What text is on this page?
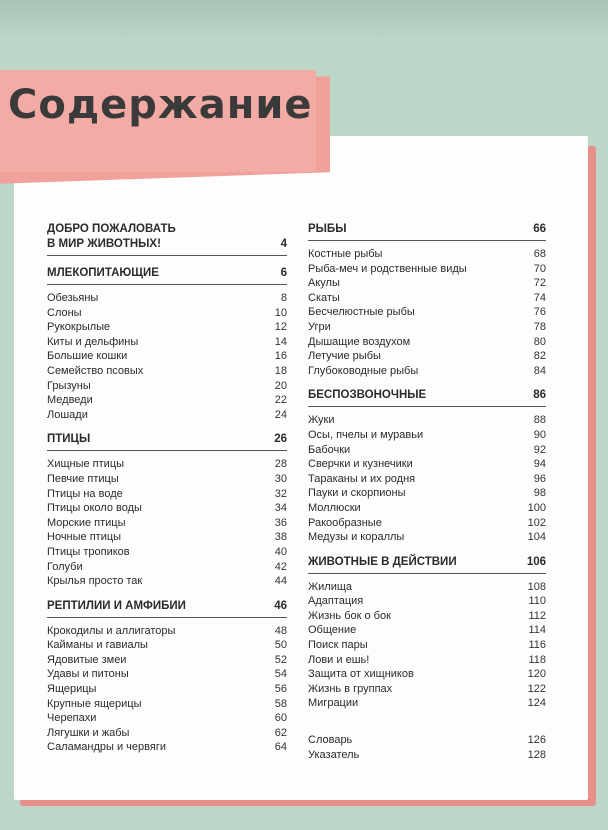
Содержание
ДОБРО ПОЖАЛОВАТЬ
В МИР ЖИВОТНЫХ!	4
МЛЕКОПИТАЮЩИЕ	6
Обезьяны	8
Слоны	10
Рукокрылые	12
Киты и дельфины	14
Большие кошки	16
Семейство псовых	18
Грызуны	20
Медведи	22
Лошади	24
ПТИЦЫ	26
Хищные птицы	28
Певчие птицы	30
Птицы на воде	32
Птицы около воды	34
Морские птицы	36
Ночные птицы	38
Птицы тропиков	40
Голуби	42
Крылья просто так	44
РЕПТИЛИИ И АМФИБИИ	46
Крокодилы и аллигаторы	48
Кайманы и гавиалы	50
Ядовитые змеи	52
Удавы и питоны	54
Ящерицы	56
Крупные ящерицы	58
Черепахи	60
Лягушки и жабы	62
Саламандры и червяги	64
РЫБЫ	66
Костные рыбы	68
Рыба-меч и родственные виды	70
Акулы	72
Скаты	74
Бесчелюстные рыбы	76
Угри	78
Дышащие воздухом	80
Летучие рыбы	82
Глубоководные рыбы	84
БЕСПОЗВОНОЧНЫЕ	86
Жуки	88
Осы, пчелы и муравьи	90
Бабочки	92
Сверчки и кузнечики	94
Тараканы и их родня	96
Пауки и скорпионы	98
Моллюски	100
Ракообразные	102
Медузы и кораллы	104
ЖИВОТНЫЕ В ДЕЙСТВИИ	106
Жилища	108
Адаптация	110
Жизнь бок о бок	112
Общение	114
Поиск пары	116
Лови и ешь!	118
Защита от хищников	120
Жизнь в группах	122
Миграции	124
Словарь	126
Указатель	128
